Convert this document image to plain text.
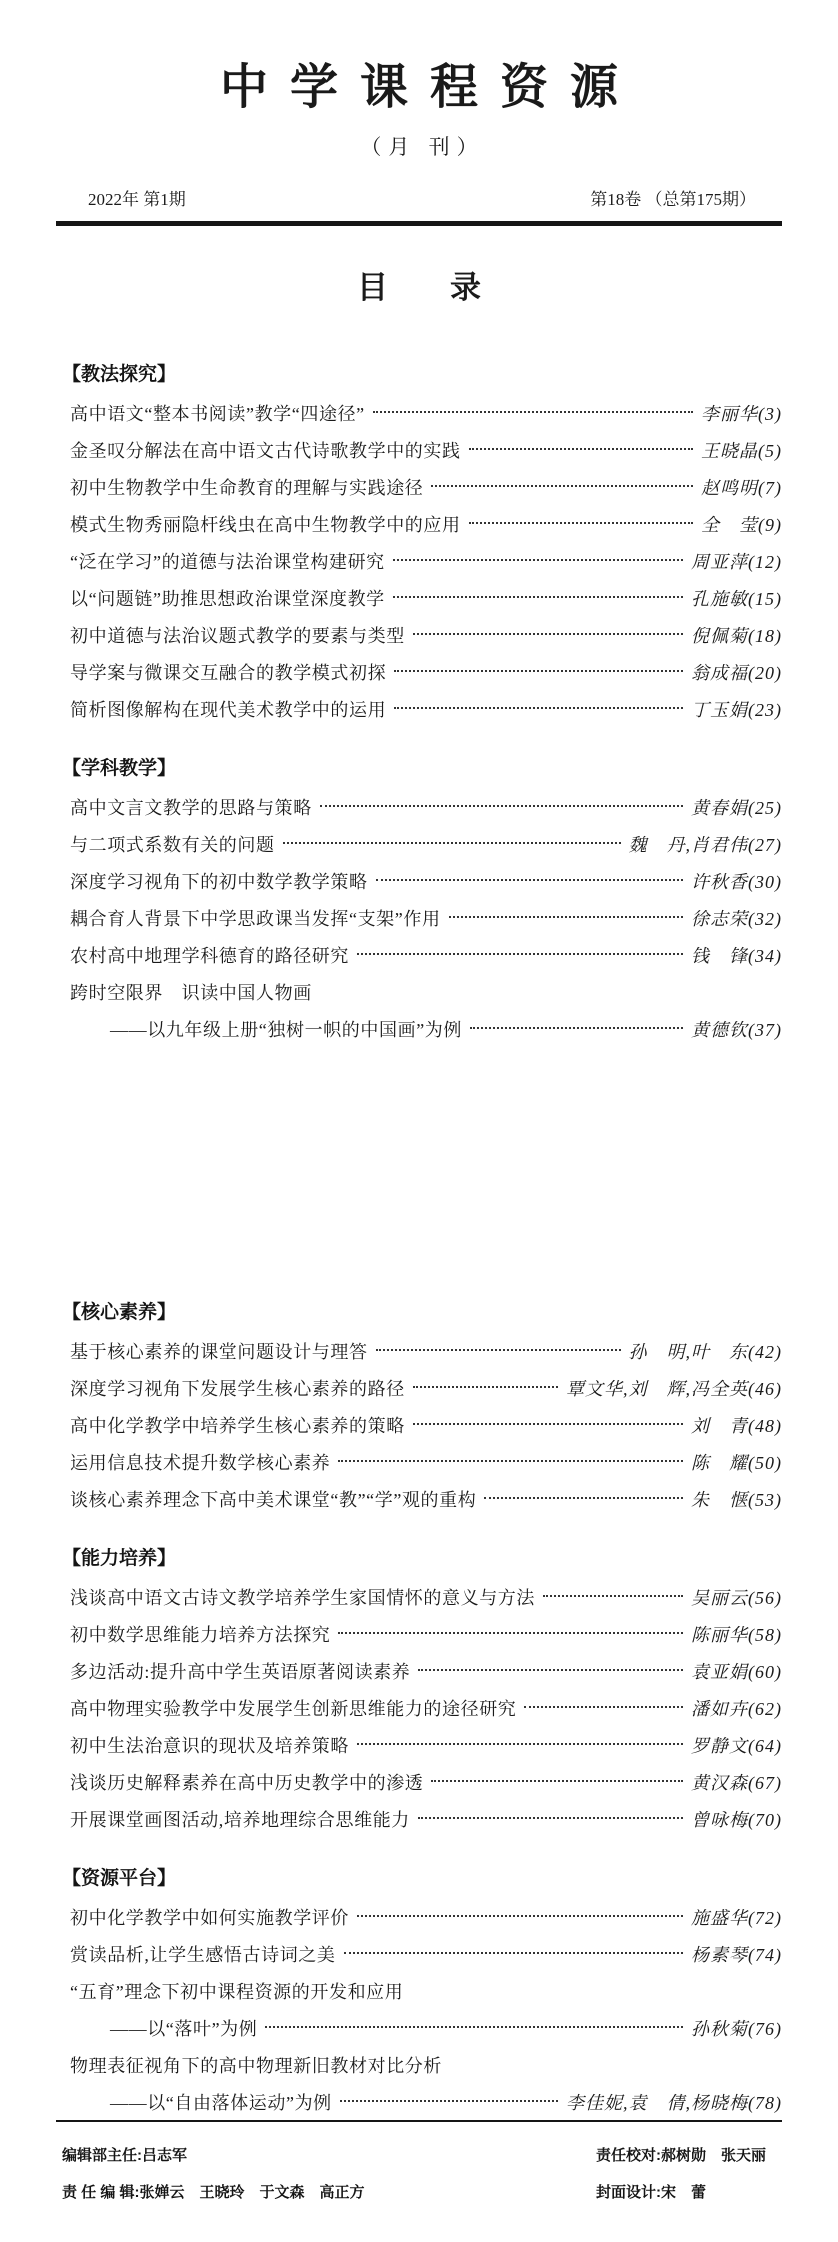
中学课程资源
（月 刊）
2022年 第1期	第18卷 （总第175期）
目　　录
【教法探究】
高中语文“整本书阅读”教学“四途径”	李丽华(3)
金圣叹分解法在高中语文古代诗歌教学中的实践	王晓晶(5)
初中生物教学中生命教育的理解与实践途径	赵鸣明(7)
模式生物秀丽隐杆线虫在高中生物教学中的应用	全　莹(9)
“泛在学习”的道德与法治课堂构建研究	周亚萍(12)
以“问题链”助推思想政治课堂深度教学	孔施敏(15)
初中道德与法治议题式教学的要素与类型	倪佩菊(18)
导学案与微课交互融合的教学模式初探	翁成福(20)
简析图像解构在现代美术教学中的运用	丁玉娟(23)
【学科教学】
高中文言文教学的思路与策略	黄春娟(25)
与二项式系数有关的问题	魏　丹,肖君伟(27)
深度学习视角下的初中数学教学策略	许秋香(30)
耦合育人背景下中学思政课当发挥“支架”作用	徐志荣(32)
农村高中地理学科德育的路径研究	钱　锋(34)
跨时空限界　识读中国人物画
——以九年级上册“独树一帜的中国画”为例	黄德钦(37)
【核心素养】
基于核心素养的课堂问题设计与理答	孙　明,叶　东(42)
深度学习视角下发展学生核心素养的路径	覃文华,刘　辉,冯全英(46)
高中化学教学中培养学生核心素养的策略	刘　青(48)
运用信息技术提升数学核心素养	陈　耀(50)
谈核心素养理念下高中美术课堂“教”“学”观的重构	朱　惬(53)
【能力培养】
浅谈高中语文古诗文教学培养学生家国情怀的意义与方法	吴丽云(56)
初中数学思维能力培养方法探究	陈丽华(58)
多边活动:提升高中学生英语原著阅读素养	袁亚娟(60)
高中物理实验教学中发展学生创新思维能力的途径研究	潘如卉(62)
初中生法治意识的现状及培养策略	罗静文(64)
浅谈历史解释素养在高中历史教学中的渗透	黄汉森(67)
开展课堂画图活动,培养地理综合思维能力	曾咏梅(70)
【资源平台】
初中化学教学中如何实施教学评价	施盛华(72)
赏读品析,让学生感悟古诗词之美	杨素琴(74)
“五育”理念下初中课程资源的开发和应用
——以“落叶”为例	孙秋菊(76)
物理表征视角下的高中物理新旧教材对比分析
——以“自由落体运动”为例	李佳妮,袁　倩,杨晓梅(78)
编辑部主任:吕志军	责任校对:郝树勋　张天丽
责 任 编 辑:张婵云　王晓玲　于文森　高正方	封面设计:宋　蕾
